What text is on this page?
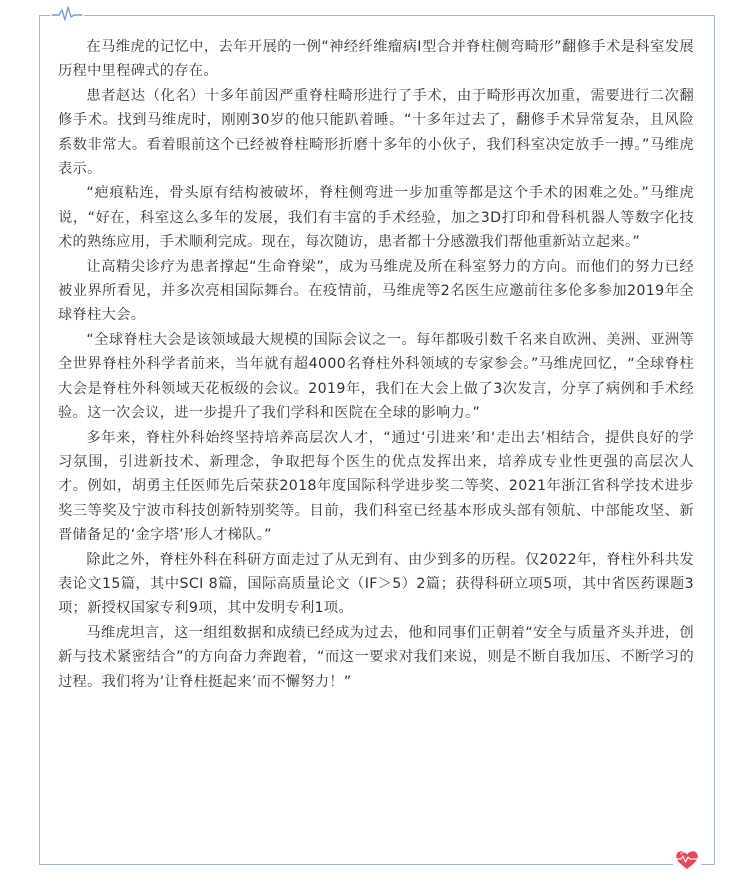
在马维虎的记忆中，去年开展的一例“神经纤维瘤病Ⅰ型合并脊柱侧弯畸形”翻修手术是科室发展历程中里程碑式的存在。

患者赵达（化名）十多年前因严重脊柱畸形进行了手术，由于畸形再次加重，需要进行二次翻修手术。找到马维虎时，刚刚30岁的他只能趴着睡。“十多年过去了，翻修手术异常复杂，且风险系数非常大。看着眼前这个已经被脊柱畸形折磨十多年的小伙子，我们科室决定放手一搏。”马维虎表示。

“疤痕粘连，骨头原有结构被破坏，脊柱侧弯进一步加重等都是这个手术的困难之处。”马维虎说，“好在，科室这么多年的发展，我们有丰富的手术经验，加之3D打印和骨科机器人等数字化技术的熟练应用，手术顺利完成。现在，每次随访，患者都十分感激我们帮他重新站立起来。”

让高精尖诊疗为患者撑起“生命脊梁”，成为马维虎及所在科室努力的方向。而他们的努力已经被业界所看见，并多次亮相国际舞台。在疫情前，马维虎等2名医生应邀前往多伦多参加2019年全球脊柱大会。

“全球脊柱大会是该领域最大规模的国际会议之一。每年都吸引数千名来自欧洲、美洲、亚洲等全世界脊柱外科学者前来，当年就有超4000名脊柱外科领域的专家参会。”马维虎回忆，“全球脊柱大会是脊柱外科领域天花板级的会议。2019年，我们在大会上做了3次发言，分享了病例和手术经验。这一次会议，进一步提升了我们学科和医院在全球的影响力。”

多年来，脊柱外科始终坚持培养高层次人才，“通过‘引进来’和‘走出去’相结合，提供良好的学习氛围，引进新技术、新理念，争取把每个医生的优点发挥出来，培养成专业性更强的高层次人才。例如，胡勇主任医师先后荣获2018年度国际科学进步奖二等奖、2021年浙江省科学技术进步奖三等奖及宁波市科技创新特别奖等。目前，我们科室已经基本形成头部有领航、中部能攻坚、新晋储备足的‘金字塔’形人才梯队。”

除此之外，脊柱外科在科研方面走过了从无到有、由少到多的历程。仅2022年，脊柱外科共发表论文15篇，其中SCI 8篇，国际高质量论文（IF＞5）2篇；获得科研立项5项，其中省医药课题3项；新授权国家专利9项，其中发明专利1项。

马维虎坦言，这一组组数据和成绩已经成为过去，他和同事们正朝着“安全与质量齐头并进，创新与技术紧密结合”的方向奋力奔跑着，“而这一要求对我们来说，则是不断自我加压、不断学习的过程。我们将为‘让脊柱挺起来’而不懈努力！”
